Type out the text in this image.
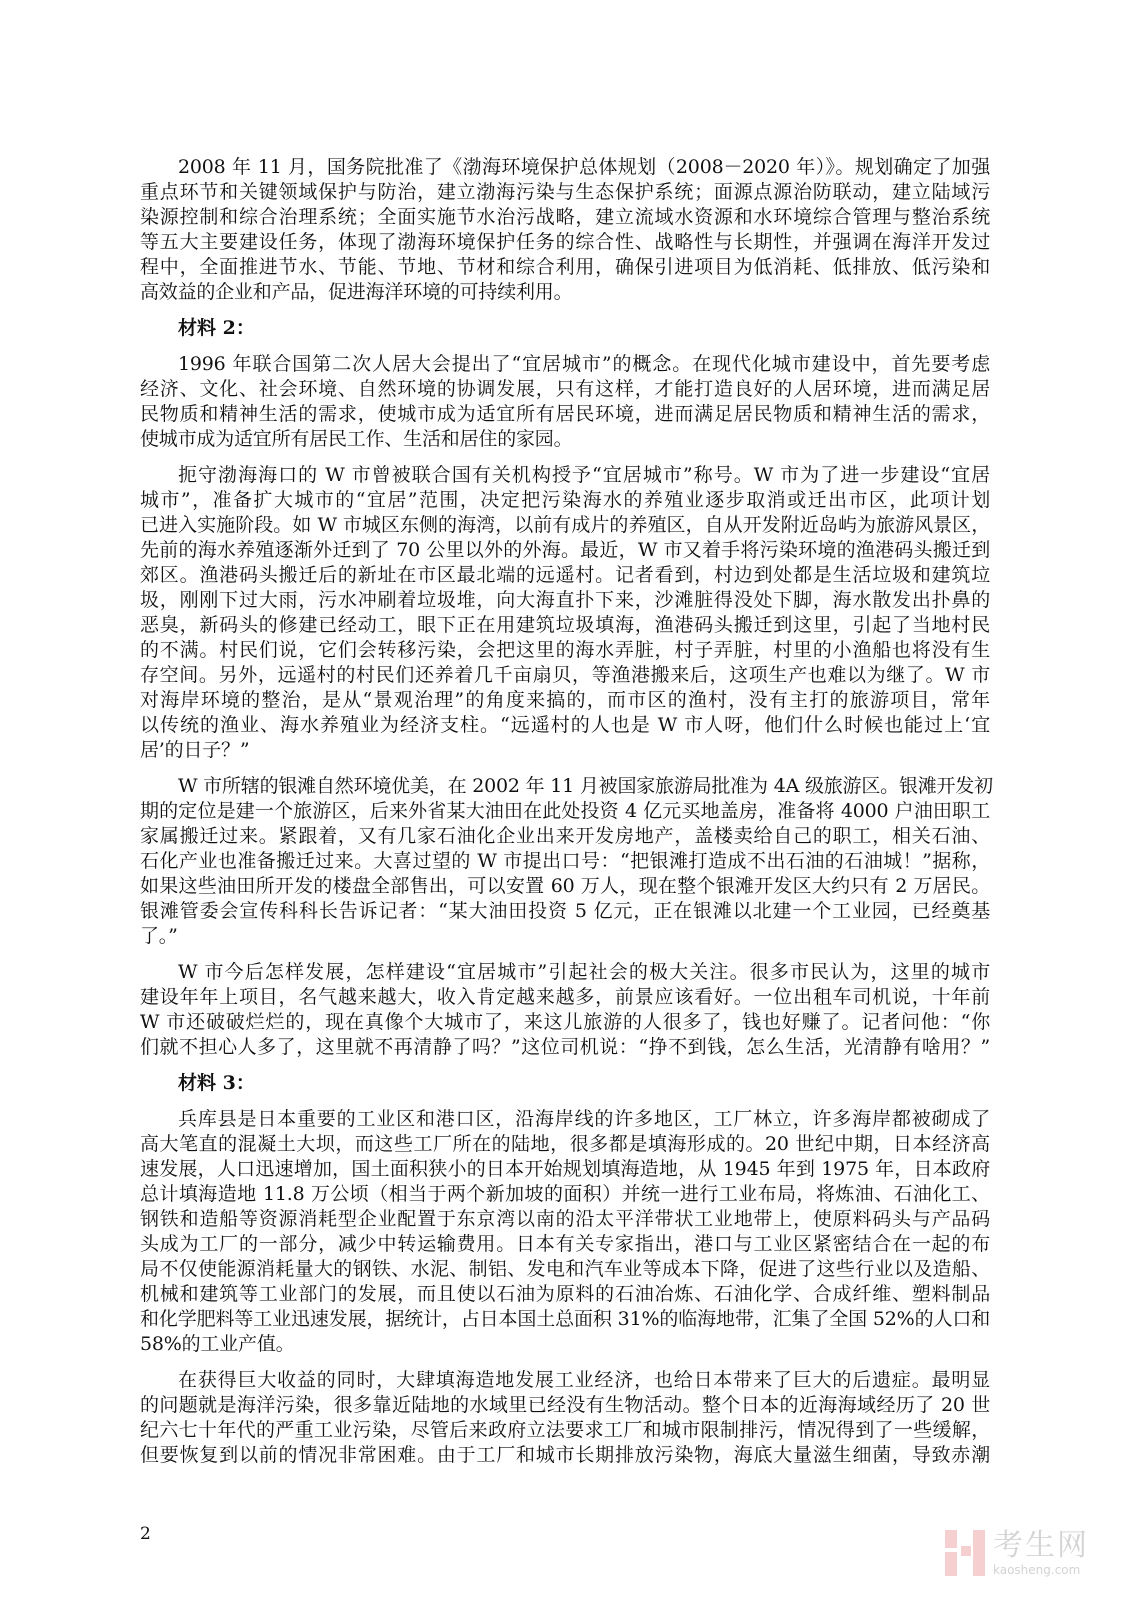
2008 年 11 月，国务院批准了《渤海环境保护总体规划（2008－2020 年）》。规划确定了加强
重点环节和关键领域保护与防治，建立渤海污染与生态保护系统；面源点源治防联动，建立陆域污
染源控制和综合治理系统；全面实施节水治污战略，建立流域水资源和水环境综合管理与整治系统
等五大主要建设任务，体现了渤海环境保护任务的综合性、战略性与长期性，并强调在海洋开发过
程中，全面推进节水、节能、节地、节材和综合利用，确保引进项目为低消耗、低排放、低污染和
高效益的企业和产品，促进海洋环境的可持续利用。
材料 2：
1996 年联合国第二次人居大会提出了“宜居城市”的概念。在现代化城市建设中，首先要考虑
经济、文化、社会环境、自然环境的协调发展，只有这样，才能打造良好的人居环境，进而满足居
民物质和精神生活的需求，使城市成为适宜所有居民环境，进而满足居民物质和精神生活的需求，
使城市成为适宜所有居民工作、生活和居住的家园。
扼守渤海海口的 W 市曾被联合国有关机构授予“宜居城市”称号。W 市为了进一步建设“宜居
城市”，准备扩大城市的“宜居”范围，决定把污染海水的养殖业逐步取消或迁出市区，此项计划
已进入实施阶段。如 W 市城区东侧的海湾，以前有成片的养殖区，自从开发附近岛屿为旅游风景区，
先前的海水养殖逐渐外迁到了 70 公里以外的外海。最近，W 市又着手将污染环境的渔港码头搬迁到
郊区。渔港码头搬迁后的新址在市区最北端的远遥村。记者看到，村边到处都是生活垃圾和建筑垃
圾，刚刚下过大雨，污水冲刷着垃圾堆，向大海直扑下来，沙滩脏得没处下脚，海水散发出扑鼻的
恶臭，新码头的修建已经动工，眼下正在用建筑垃圾填海，渔港码头搬迁到这里，引起了当地村民
的不满。村民们说，它们会转移污染，会把这里的海水弄脏，村子弄脏，村里的小渔船也将没有生
存空间。另外，远遥村的村民们还养着几千亩扇贝，等渔港搬来后，这项生产也难以为继了。W 市
对海岸环境的整治，是从“景观治理”的角度来搞的，而市区的渔村，没有主打的旅游项目，常年
以传统的渔业、海水养殖业为经济支柱。“远遥村的人也是 W 市人呀，他们什么时候也能过上‘宜
居’的日子？”
W 市所辖的银滩自然环境优美，在 2002 年 11 月被国家旅游局批准为 4A 级旅游区。银滩开发初
期的定位是建一个旅游区，后来外省某大油田在此处投资 4 亿元买地盖房，准备将 4000 户油田职工
家属搬迁过来。紧跟着，又有几家石油化企业出来开发房地产，盖楼卖给自己的职工，相关石油、
石化产业也准备搬迁过来。大喜过望的 W 市提出口号：“把银滩打造成不出石油的石油城！”据称，
如果这些油田所开发的楼盘全部售出，可以安置 60 万人，现在整个银滩开发区大约只有 2 万居民。
银滩管委会宣传科科长告诉记者：“某大油田投资 5 亿元，正在银滩以北建一个工业园，已经奠基
了。”
W 市今后怎样发展，怎样建设“宜居城市”引起社会的极大关注。很多市民认为，这里的城市
建设年年上项目，名气越来越大，收入肯定越来越多，前景应该看好。一位出租车司机说，十年前
W 市还破破烂烂的，现在真像个大城市了，来这儿旅游的人很多了，钱也好赚了。记者问他：“你
们就不担心人多了，这里就不再清静了吗？”这位司机说：“挣不到钱，怎么生活，光清静有啥用？”
材料 3：
兵库县是日本重要的工业区和港口区，沿海岸线的许多地区，工厂林立，许多海岸都被砌成了
高大笔直的混凝土大坝，而这些工厂所在的陆地，很多都是填海形成的。20 世纪中期，日本经济高
速发展，人口迅速增加，国土面积狭小的日本开始规划填海造地，从 1945 年到 1975 年，日本政府
总计填海造地 11.8 万公顷（相当于两个新加坡的面积）并统一进行工业布局，将炼油、石油化工、
钢铁和造船等资源消耗型企业配置于东京湾以南的沿太平洋带状工业地带上，使原料码头与产品码
头成为工厂的一部分，减少中转运输费用。日本有关专家指出，港口与工业区紧密结合在一起的布
局不仅使能源消耗量大的钢铁、水泥、制铝、发电和汽车业等成本下降，促进了这些行业以及造船、
机械和建筑等工业部门的发展，而且使以石油为原料的石油冶炼、石油化学、合成纤维、塑料制品
和化学肥料等工业迅速发展，据统计，占日本国土总面积 31%的临海地带，汇集了全国 52%的人口和
58%的工业产值。
在获得巨大收益的同时，大肆填海造地发展工业经济，也给日本带来了巨大的后遗症。最明显
的问题就是海洋污染，很多靠近陆地的水域里已经没有生物活动。整个日本的近海海域经历了 20 世
纪六七十年代的严重工业污染，尽管后来政府立法要求工厂和城市限制排污，情况得到了一些缓解，
但要恢复到以前的情况非常困难。由于工厂和城市长期排放污染物，海底大量滋生细菌，导致赤潮
2	考生网
kaosheng.com
